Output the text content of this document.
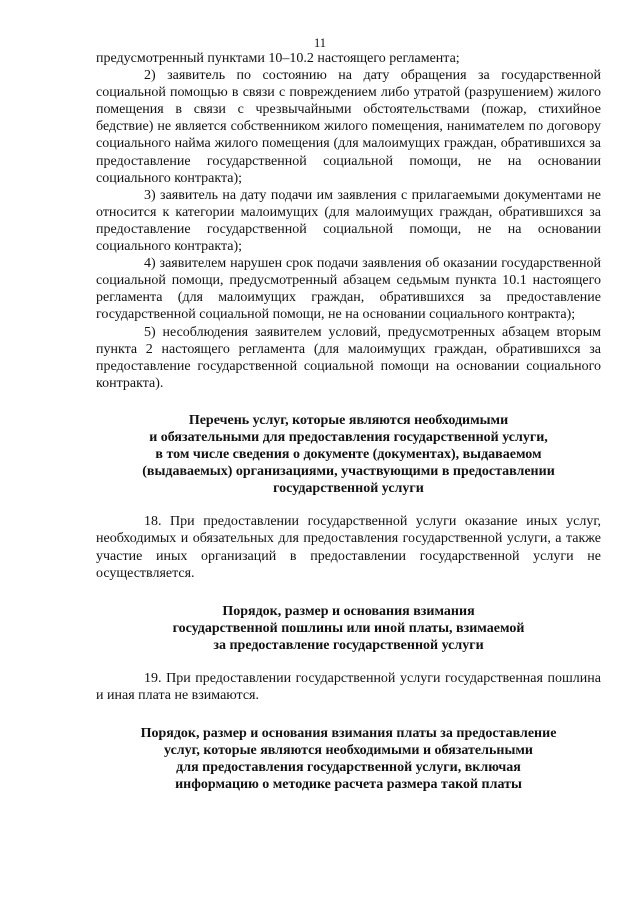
11

предусмотренный пунктами 10–10.2 настоящего регламента;

2) заявитель по состоянию на дату обращения за государственной социальной помощью в связи с повреждением либо утратой (разрушением) жилого помещения в связи с чрезвычайными обстоятельствами (пожар, стихийное бедствие) не является собственником жилого помещения, нанимателем по договору социального найма жилого помещения (для малоимущих граждан, обратившихся за предоставление государственной социальной помощи, не на основании социального контракта);

3) заявитель на дату подачи им заявления с прилагаемыми документами не относится к категории малоимущих (для малоимущих граждан, обратившихся за предоставление государственной социальной помощи, не на основании социального контракта);

4) заявителем нарушен срок подачи заявления об оказании государственной социальной помощи, предусмотренный абзацем седьмым пункта 10.1 настоящего регламента (для малоимущих граждан, обратившихся за предоставление государственной социальной помощи, не на основании социального контракта);

5) несоблюдения заявителем условий, предусмотренных абзацем вторым пункта 2 настоящего регламента (для малоимущих граждан, обратившихся за предоставление государственной социальной помощи на основании социального контракта).

Перечень услуг, которые являются необходимыми
и обязательными для предоставления государственной услуги,
в том числе сведения о документе (документах), выдаваемом
(выдаваемых) организациями, участвующими в предоставлении
государственной услуги

18. При предоставлении государственной услуги оказание иных услуг, необходимых и обязательных для предоставления государственной услуги, а также участие иных организаций в предоставлении государственной услуги не осуществляется.

Порядок, размер и основания взимания
государственной пошлины или иной платы, взимаемой
за предоставление государственной услуги

19. При предоставлении государственной услуги государственная пошлина и иная плата не взимаются.

Порядок, размер и основания взимания платы за предоставление
услуг, которые являются необходимыми и обязательными
для предоставления государственной услуги, включая
информацию о методике расчета размера такой платы
